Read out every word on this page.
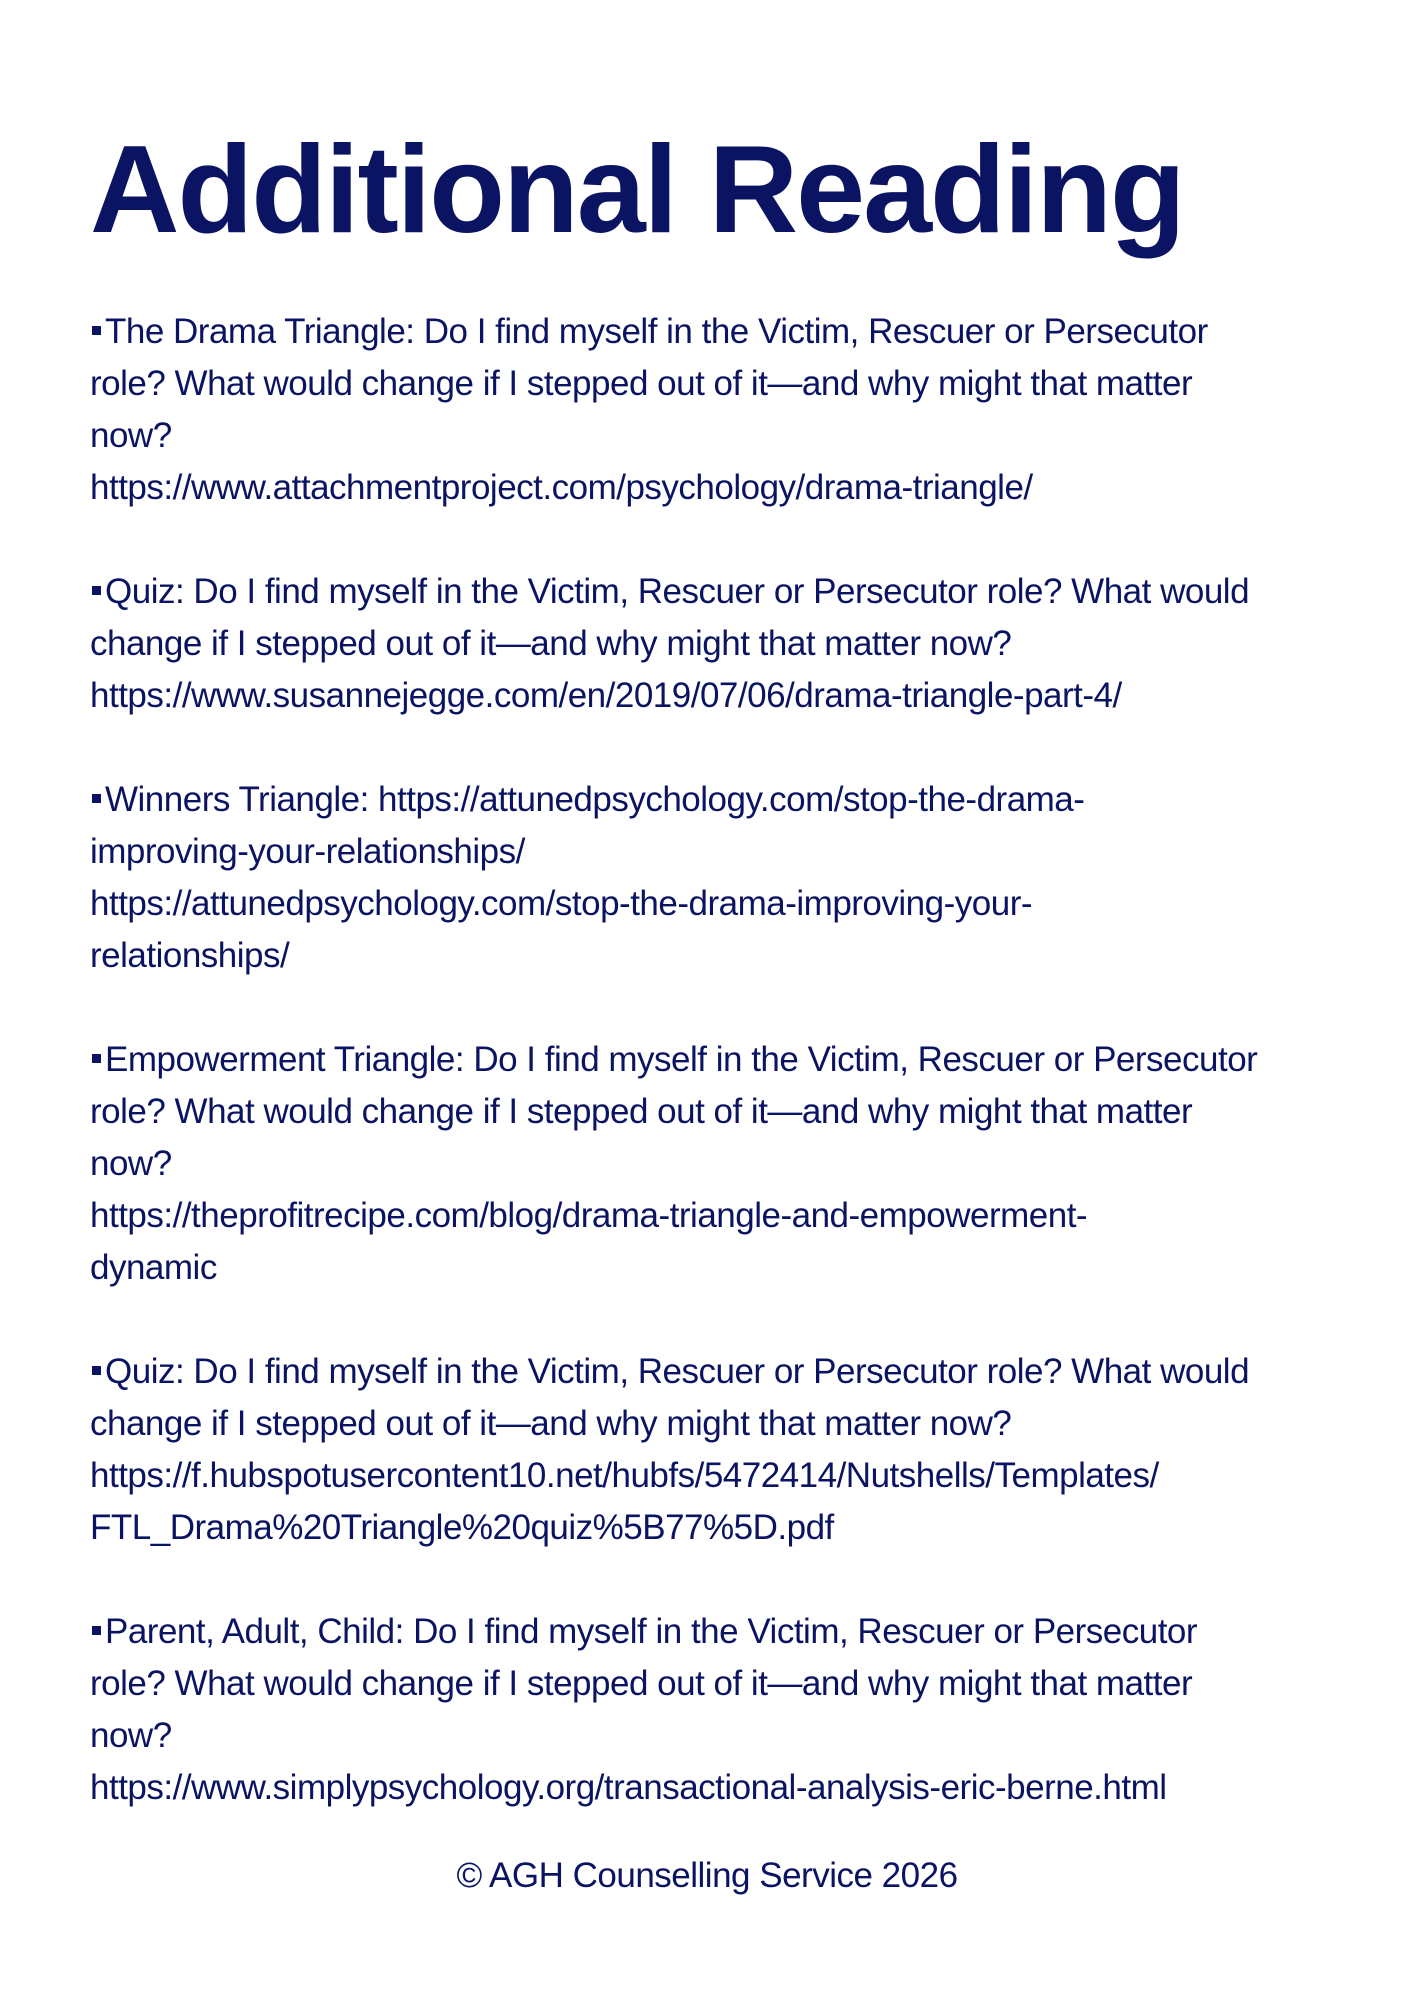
Additional Reading
The Drama Triangle: Do I find myself in the Victim, Rescuer or Persecutor
role? What would change if I stepped out of it—and why might that matter
now?
https://www.attachmentproject.com/psychology/drama-triangle/
Quiz: Do I find myself in the Victim, Rescuer or Persecutor role? What would
change if I stepped out of it—and why might that matter now?
https://www.susannejegge.com/en/2019/07/06/drama-triangle-part-4/
Winners Triangle: https://attunedpsychology.com/stop-the-drama-
improving-your-relationships/
https://attunedpsychology.com/stop-the-drama-improving-your-
relationships/
Empowerment Triangle: Do I find myself in the Victim, Rescuer or Persecutor
role? What would change if I stepped out of it—and why might that matter
now?
https://theprofitrecipe.com/blog/drama-triangle-and-empowerment-
dynamic
Quiz: Do I find myself in the Victim, Rescuer or Persecutor role? What would
change if I stepped out of it—and why might that matter now?
https://f.hubspotusercontent10.net/hubfs/5472414/Nutshells/Templates/
FTL_Drama%20Triangle%20quiz%5B77%5D.pdf
Parent, Adult, Child: Do I find myself in the Victim, Rescuer or Persecutor
role? What would change if I stepped out of it—and why might that matter
now?
https://www.simplypsychology.org/transactional-analysis-eric-berne.html
© AGH Counselling Service 2026
